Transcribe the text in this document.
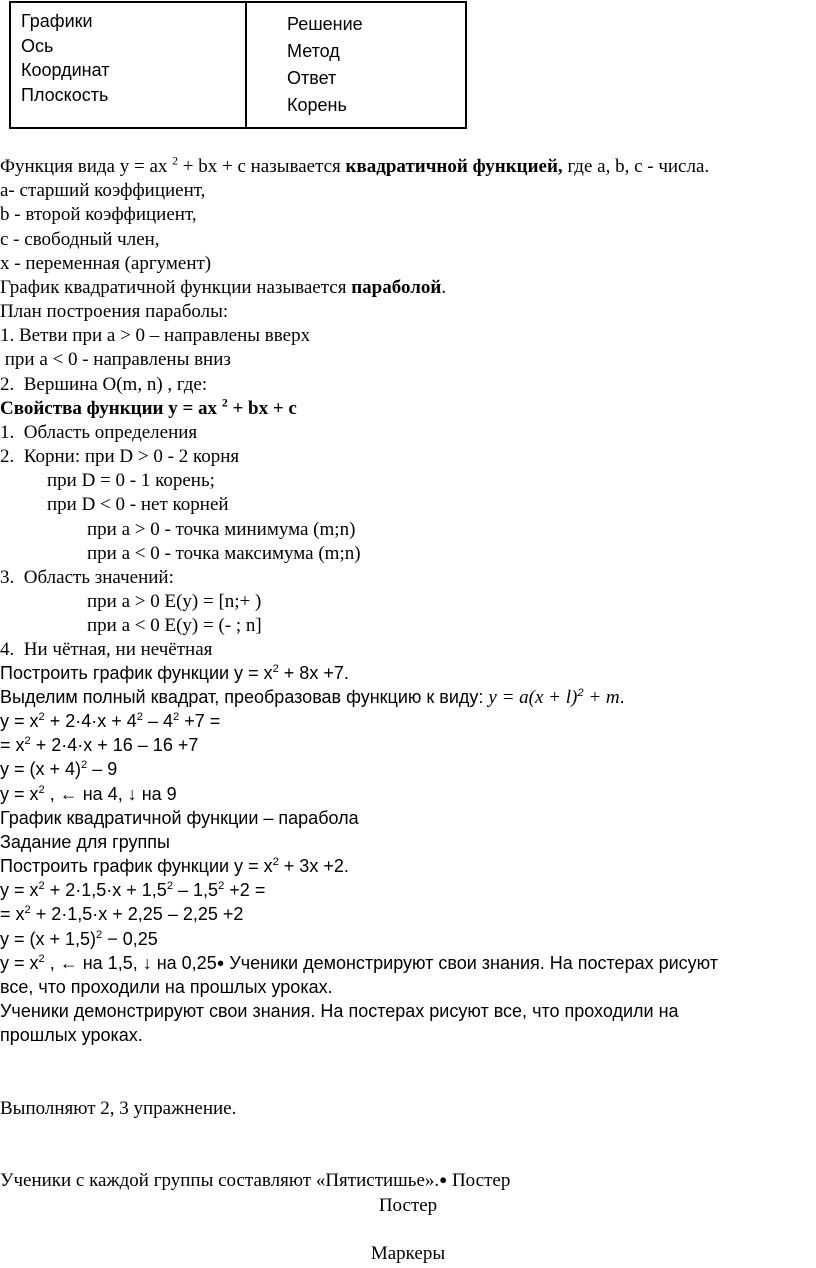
Графики
Ось
Координат
Плоскость
Решение
Метод
Ответ
Корень
Функция вида y = ax $^2$ + bx + c называется квадратичной функцией, где a, b, c - числа.
a- старший коэффициент,
b - второй коэффициент,
c - свободный член,
x - переменная (аргумент)
График квадратичной функции называется параболой.
План построения параболы:
1. Ветви при a > 0 – направлены вверх
при a < 0 - направлены вниз
2.  Вершина O(m, n) , где:
Свойства функции y = ax $^2$ + bx + c
1.  Область определения
2.  Корни: при D > 0 - 2 корня
при D = 0 - 1 корень;
при D < 0 - нет корней
при a > 0 - точка минимума (m;n)
при a < 0 - точка максимума (m;n)
3.  Область значений:
при a > 0 E(y) = [n;+ )
при a < 0 E(y) = (- ; n]
4.  Ни чётная, ни нечётная
Построить график функции $у = х^2 + 8х +7$.
Выделим полный квадрат, преобразовав функцию к виду: $y = a(x + l)^2 + m$.
$у = х^2 + 2\cdot 4\cdot х + 4^2 - 4^2 +7$ =
= $х^2 + 2\cdot 4\cdot х + 16 - 16 +7$
$у = (х + 4)^2 - 9$
$у = х^2$ , ← на 4, ↓ на 9
График квадратичной функции – парабола
Задание для группы
Построить график функции $у = х^2 + 3х +2$.
$у = х^2 + 2\cdot 1,5\cdot х + 1,5^2 - 1,5^2 +2$ =
= $х^2 + 2\cdot 1,5\cdot х + 2,25 - 2,25 +2$
$у = (х + 1,5)^2 - 0,25$
$у = х^2$ , ← на 1,5, ↓ на 0,25● Ученики демонстрируют свои знания. На постерах рисуют
все, что проходили на прошлых уроках.
Ученики демонстрируют свои знания. На постерах рисуют все, что проходили на
прошлых уроках.
Выполняют 2, 3 упражнение.
Ученики с каждой группы составляют «Пятистишье».● Постер
Постер
Маркеры
